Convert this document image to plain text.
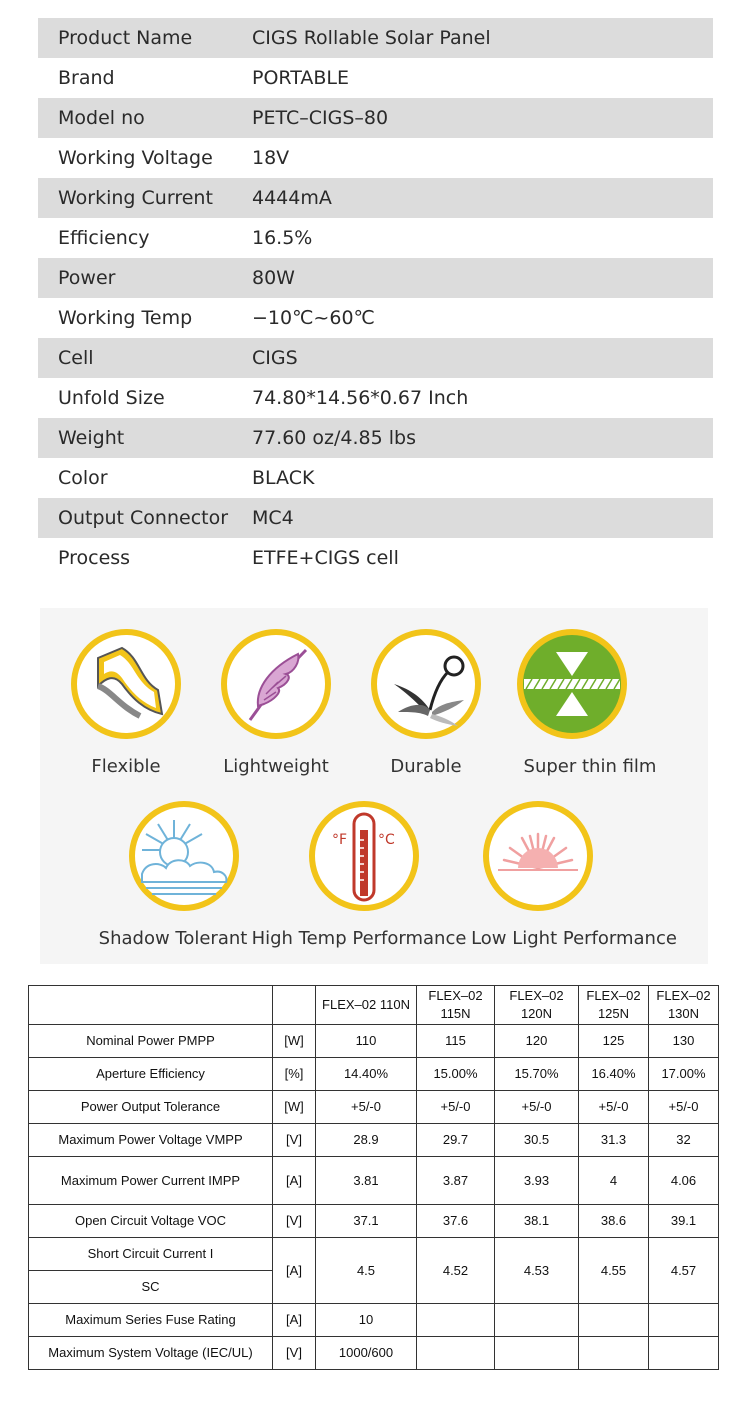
Product Name	CIGS Rollable Solar Panel
Brand	PORTABLE
Model no	PETC–CIGS–80
Working Voltage	18V
Working Current	4444mA
Efficiency	16.5%
Power	80W
Working Temp	−10℃~60℃
Cell	CIGS
Unfold Size	74.80*14.56*0.67 Inch
Weight	77.60 oz/4.85 lbs
Color	BLACK
Output Connector	MC4
Process	ETFE+CIGS cell
Flexible	Lightweight	Durable	Super thin film
Shadow Tolerant
°F °C
High Temp Performance Low Light Performance
		FLEX–02 110N	FLEX–02 115N	FLEX–02 120N	FLEX–02 125N	FLEX–02 130N
Nominal Power PMPP	[W]	110	115	120	125	130
Aperture Efficiency	[%]	14.40%	15.00%	15.70%	16.40%	17.00%
Power Output Tolerance	[W]	+5/-0	+5/-0	+5/-0	+5/-0	+5/-0
Maximum Power Voltage VMPP	[V]	28.9	29.7	30.5	31.3	32
Maximum Power Current IMPP	[A]	3.81	3.87	3.93	4	4.06
Open Circuit Voltage VOC	[V]	37.1	37.6	38.1	38.6	39.1
Short Circuit Current I	[A]	4.5	4.52	4.53	4.55	4.57
SC						
Maximum Series Fuse Rating	[A]	10				
Maximum System Voltage (IEC/UL)	[V]	1000/600				
